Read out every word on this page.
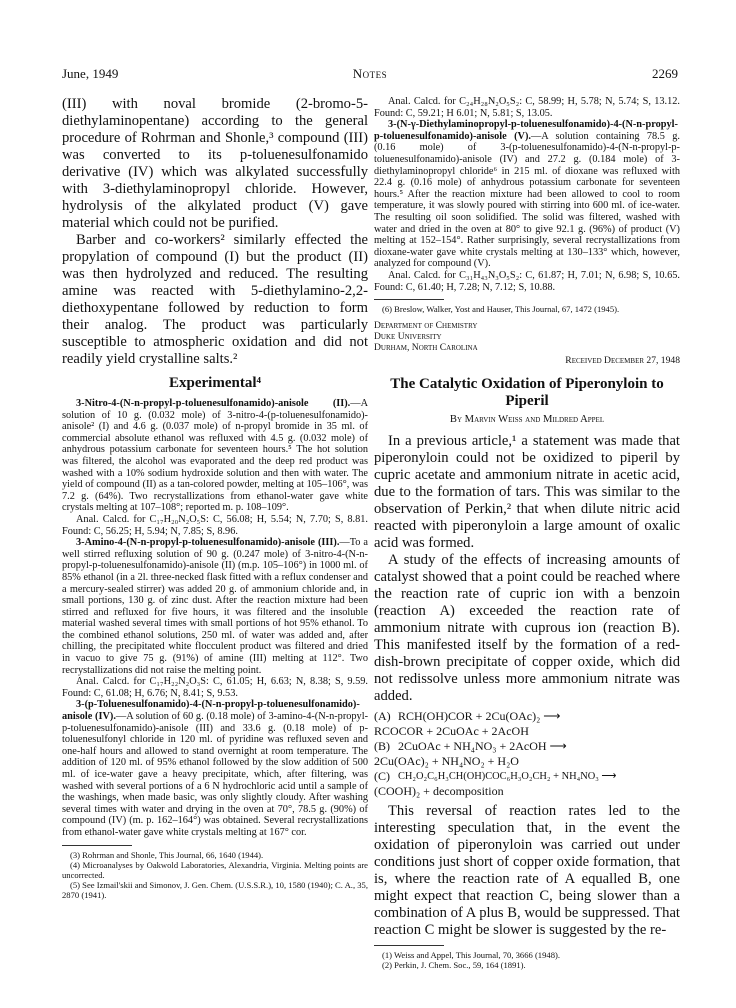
June, 1949	Notes	2269

(III) with noval bromide (2-bromo-5-diethylaminopentane) according to the general procedure of Rohrman and Shonle,³ compound (III) was converted to its p-toluenesulfonamido derivative (IV) which was alkylated successfully with 3-diethylaminopropyl chloride. However, hydrolysis of the alkylated product (V) gave material which could not be purified.

Barber and co-workers² similarly effected the propylation of compound (I) but the product (II) was then hydrolyzed and reduced. The resulting amine was reacted with 5-diethylamino-2,2-diethoxypentane followed by reduction to form their analog. The product was particularly susceptible to atmospheric oxidation and did not readily yield crystalline salts.²

Experimental⁴

3-Nitro-4-(N-n-propyl-p-toluenesulfonamido)-anisole (II).—A solution of 10 g. (0.032 mole) of 3-nitro-4-(p-toluenesulfonamido)-anisole² (I) and 4.6 g. (0.037 mole) of n-propyl bromide in 35 ml. of commercial absolute ethanol was refluxed with 4.5 g. (0.032 mole) of anhydrous potassium carbonate for seventeen hours.⁵ The hot solution was filtered, the alcohol was evaporated and the deep red product was washed with a 10% sodium hydroxide solution and then with water. The yield of compound (II) as a tan-colored powder, melting at 105–106°, was 7.2 g. (64%). Two recrystallizations from ethanol-water gave white crystals melting at 107–108°; reported m. p. 108–109°.

Anal. Calcd. for C₁₇H₂₀N₂O₅S: C, 56.08; H, 5.54; N, 7.70; S, 8.81. Found: C, 56.25; H, 5.94; N, 7.85; S, 8.96.

3-Amino-4-(N-n-propyl-p-toluenesulfonamido)-anisole (III).—To a well stirred refluxing solution of 90 g. (0.247 mole) of 3-nitro-4-(N-n-propyl-p-toluenesulfonamido)-anisole (II) (m.p. 105–106°) in 1000 ml. of 85% ethanol (in a 2l. three-necked flask fitted with a reflux condenser and a mercury-sealed stirrer) was added 20 g. of ammonium chloride and, in small portions, 130 g. of zinc dust. After the reaction mixture had been stirred and refluxed for five hours, it was filtered and the insoluble material washed several times with small portions of hot 95% ethanol. To the combined ethanol solutions, 250 ml. of water was added and, after chilling, the precipitated white flocculent product was filtered and dried in vacuo to give 75 g. (91%) of amine (III) melting at 112°. Two recrystallizations did not raise the melting point.

Anal. Calcd. for C₁₇H₂₂N₂O₃S: C, 61.05; H, 6.63; N, 8.38; S, 9.59. Found: C, 61.08; H, 6.76; N, 8.41; S, 9.53.

3-(p-Toluenesulfonamido)-4-(N-n-propyl-p-toluenesulfonamido)-anisole (IV).—A solution of 60 g. (0.18 mole) of 3-amino-4-(N-n-propyl-p-toluenesulfonamido)-anisole (III) and 33.6 g. (0.18 mole) of p-toluenesulfonyl chloride in 120 ml. of pyridine was refluxed seven and one-half hours and allowed to stand overnight at room temperature. The addition of 120 ml. of 95% ethanol followed by the slow addition of 500 ml. of ice-water gave a heavy precipitate, which, after filtering, was washed with several portions of a 6 N hydrochloric acid until a sample of the washings, when made basic, was only slightly cloudy. After washing several times with water and drying in the oven at 70°, 78.5 g. (90%) of compound (IV) (m. p. 162–164°) was obtained. Several recrystallizations from ethanol-water gave white crystals melting at 167° cor.

(3) Rohrman and Shonle, This Journal, 66, 1640 (1944).

(4) Microanalyses by Oakwold Laboratories, Alexandria, Virginia. Melting points are uncorrected.

(5) See Izmail'skii and Simonov, J. Gen. Chem. (U.S.S.R.), 10, 1580 (1940); C. A., 35, 2870 (1941).

Anal. Calcd. for C₂₄H₂₈N₂O₅S₂: C, 58.99; H, 5.78; N, 5.74; S, 13.12. Found: C, 59.21; H 6.01; N, 5.81; S, 13.05.

3-(N-γ-Diethylaminopropyl-p-toluenesulfonamido)-4-(N-n-propyl-p-toluenesulfonamido)-anisole (V).—A solution containing 78.5 g. (0.16 mole) of 3-(p-toluenesulfonamido)-4-(N-n-propyl-p-toluenesulfonamido)-anisole (IV) and 27.2 g. (0.184 mole) of 3-diethylaminopropyl chloride⁶ in 215 ml. of dioxane was refluxed with 22.4 g. (0.16 mole) of anhydrous potassium carbonate for seventeen hours.⁵ After the reaction mixture had been allowed to cool to room temperature, it was slowly poured with stirring into 600 ml. of ice-water. The resulting oil soon solidified. The solid was filtered, washed with water and dried in the oven at 80° to give 92.1 g. (96%) of product (V) melting at 152–154°. Rather surprisingly, several recrystallizations from dioxane-water gave white crystals melting at 130–133° which, however, analyzed for compound (V).

Anal. Calcd. for C₃₁H₄₃N₃O₅S₂: C, 61.87; H, 7.01; N, 6.98; S, 10.65. Found: C, 61.40; H, 7.28; N, 7.12; S, 10.88.

(6) Breslow, Walker, Yost and Hauser, This Journal, 67, 1472 (1945).

Department of Chemistry
Duke University
Durham, North Carolina
Received December 27, 1948
The Catalytic Oxidation of Piperonyloin to Piperil
By Marvin Weiss and Mildred Appel

In a previous article,¹ a statement was made that piperonyloin could not be oxidized to piperil by cupric acetate and ammonium nitrate in acetic acid, due to the formation of tars. This was similar to the observation of Perkin,² that when dilute nitric acid reacted with piperonyloin a large amount of oxalic acid was formed.

A study of the effects of increasing amounts of catalyst showed that a point could be reached where the reaction rate of cupric ion with a benzoin (reaction A) exceeded the reaction rate of ammonium nitrate with cuprous ion (reaction B). This manifested itself by the formation of a red-dish-brown precipitate of copper oxide, which did not redissolve unless more ammonium nitrate was added.

(A) RCH(OH)COR + 2Cu(OAc)₂ ⟶
RCOCOR + 2CuOAc + 2AcOH
(B) 2CuOAc + NH₄NO₃ + 2AcOH ⟶
2Cu(OAc)₂ + NH₄NO₂ + H₂O
(C) CH₂O₂C₆H₃CH(OH)COC₆H₃O₂CH₂ + NH₄NO₃ ⟶
(COOH)₂ + decomposition

This reversal of reaction rates led to the interesting speculation that, in the event the oxidation of piperonyloin was carried out under conditions just short of copper oxide formation, that is, where the reaction rate of A equalled B, one might expect that reaction C, being slower than a combination of A plus B, would be suppressed. That reaction C might be slower is suggested by the re-

(1) Weiss and Appel, This Journal, 70, 3666 (1948).

(2) Perkin, J. Chem. Soc., 59, 164 (1891).
